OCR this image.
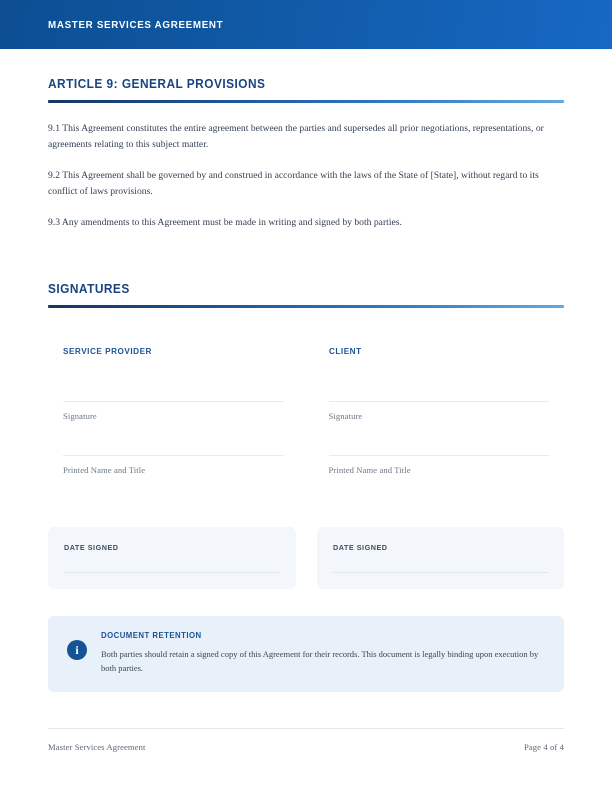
MASTER SERVICES AGREEMENT
ARTICLE 9: GENERAL PROVISIONS

9.1 This Agreement constitutes the entire agreement between the parties and supersedes all prior negotiations, representations, or agreements relating to this subject matter.

9.2 This Agreement shall be governed by and construed in accordance with the laws of the State of [State], without regard to its conflict of laws provisions.

9.3 Any amendments to this Agreement must be made in writing and signed by both parties.

SIGNATURES
SERVICE PROVIDER
Signature
Printed Name and Title
CLIENT
Signature
Printed Name and Title
DATE SIGNED	DATE SIGNED
i
DOCUMENT RETENTION
Both parties should retain a signed copy of this Agreement for their records. This document is legally binding upon execution by both parties.
Master Services Agreement	Page 4 of 4
